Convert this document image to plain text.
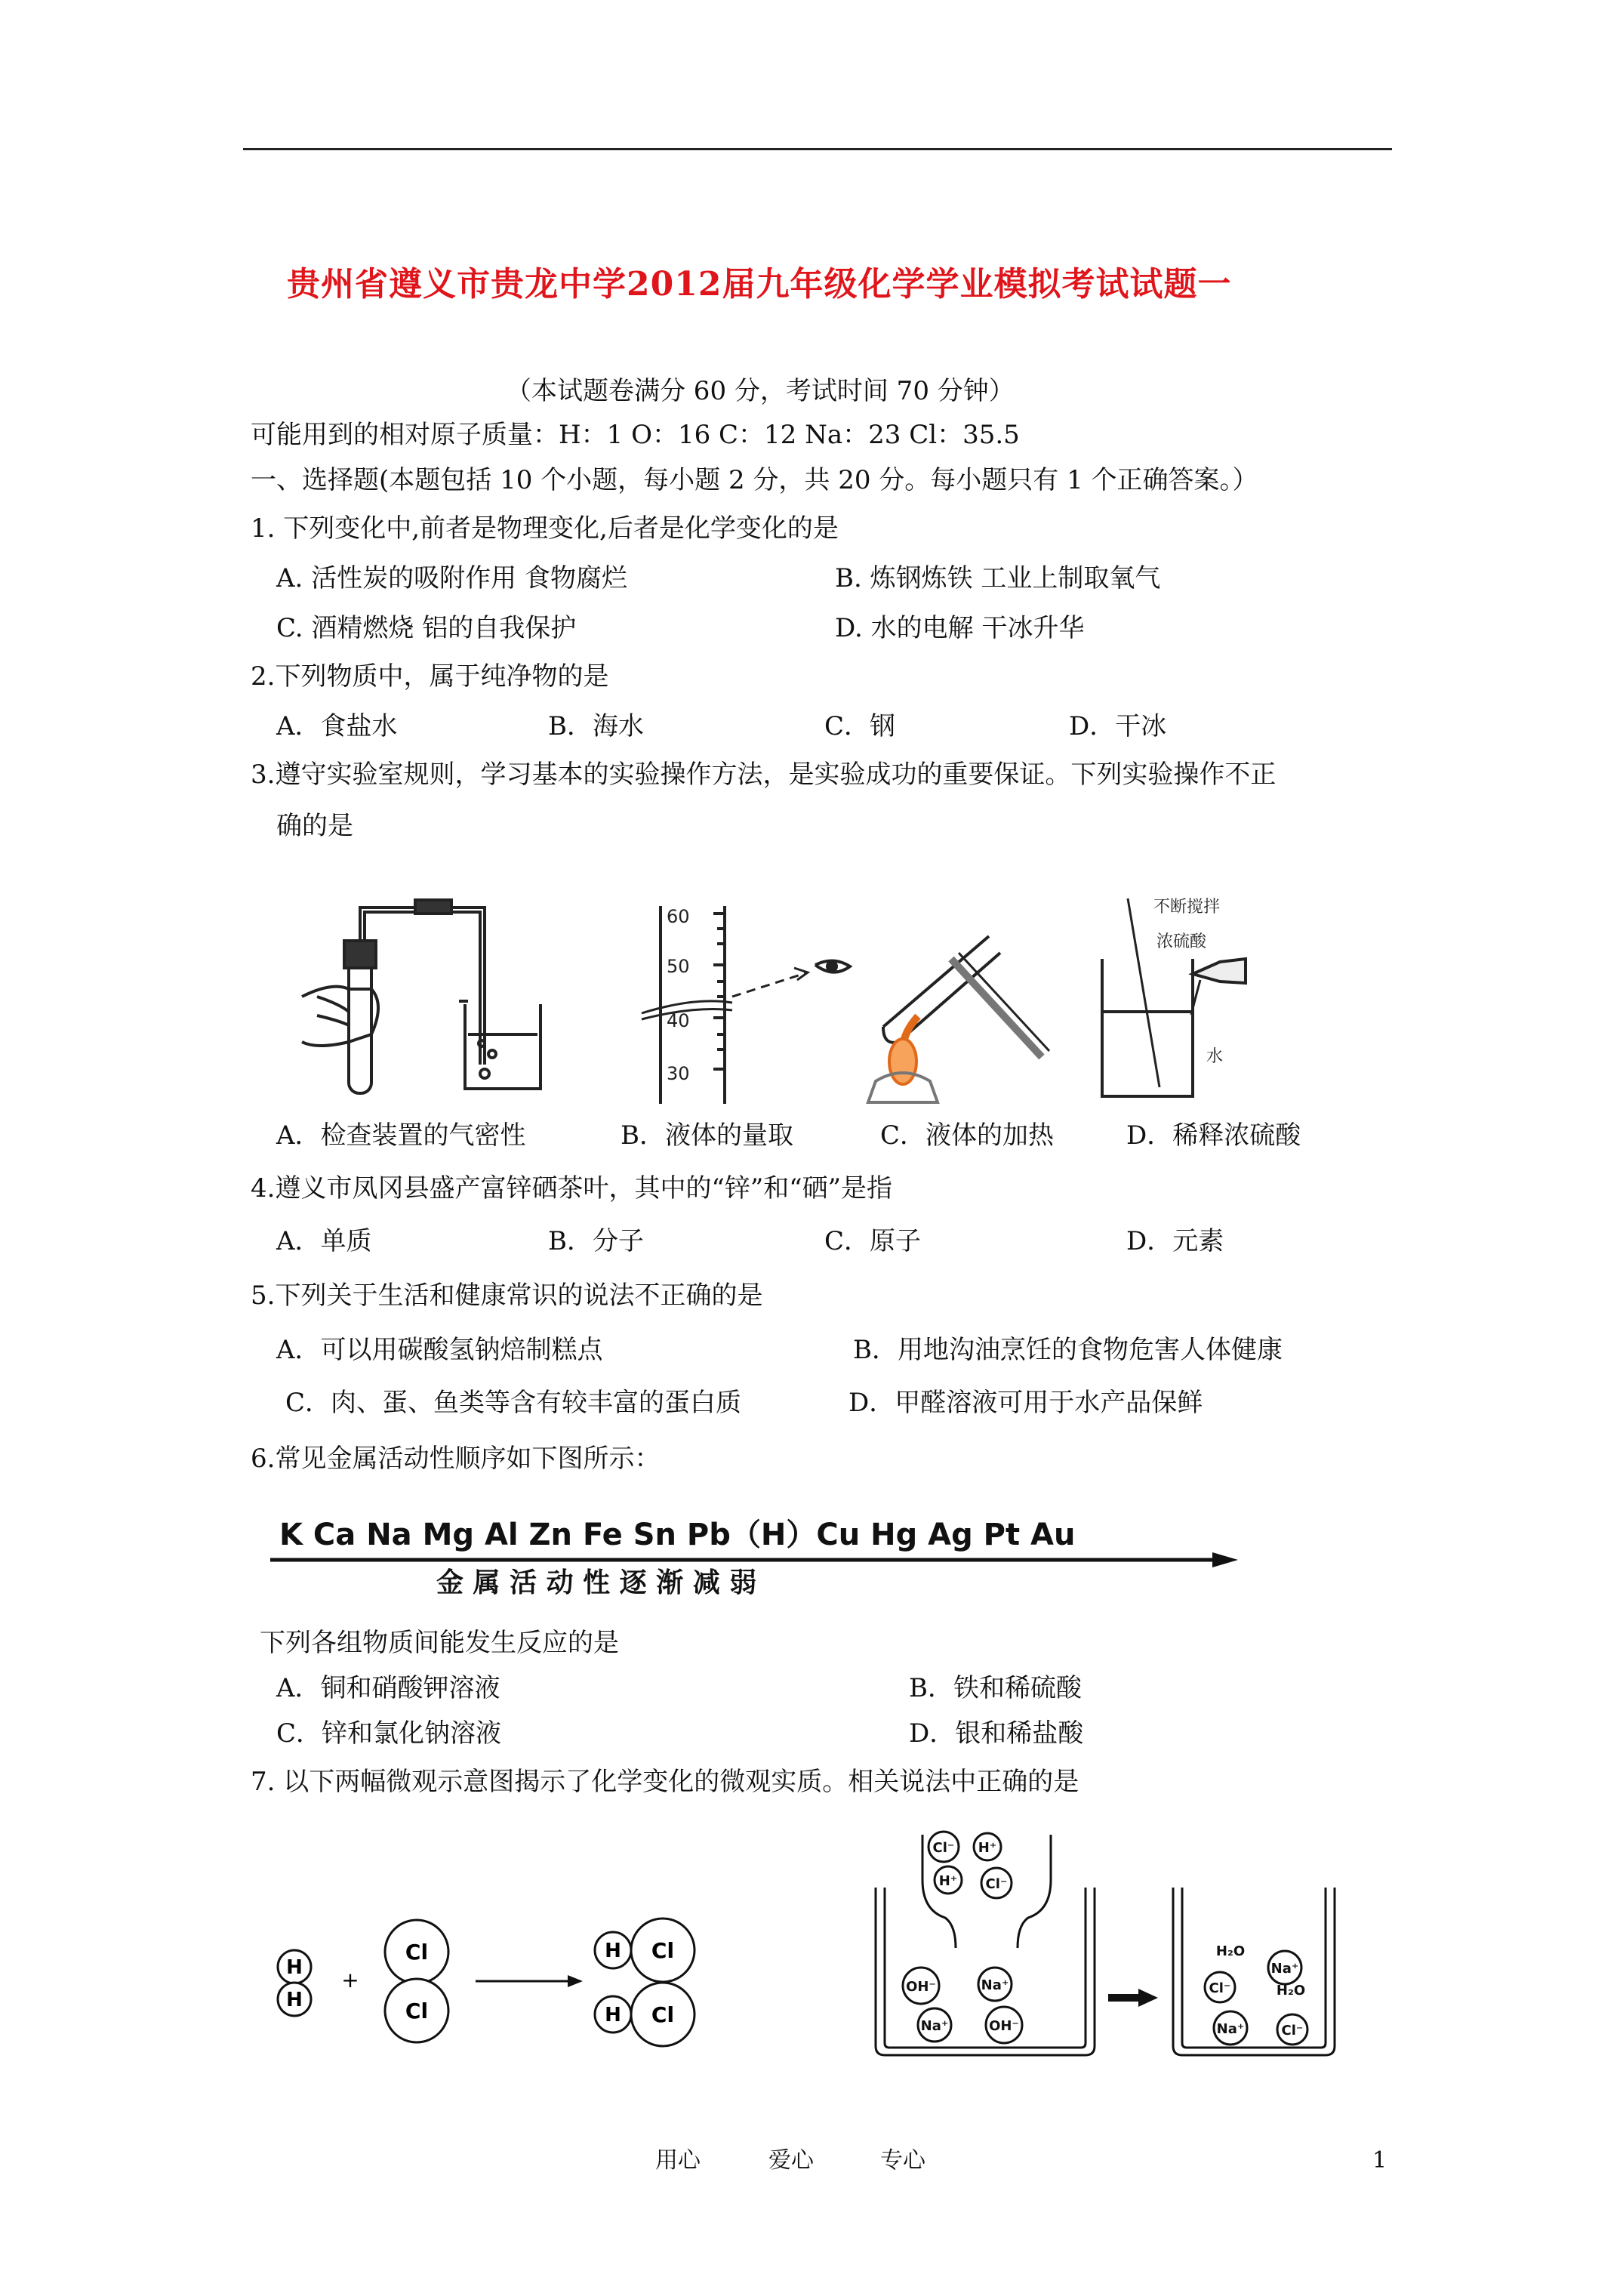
贵州省遵义市贵龙中学2012届九年级化学学业模拟考试试题一
（本试题卷满分 60 分，考试时间 70 分钟）
可能用到的相对原子质量：H：1 O：16 C：12 Na：23 Cl：35.5
一、选择题(本题包括 10 个小题，每小题 2 分，共 20 分。每小题只有 1 个正确答案。）
1. 下列变化中,前者是物理变化,后者是化学变化的是
A. 活性炭的吸附作用 食物腐烂	B. 炼钢炼铁 工业上制取氧气
C. 酒精燃烧 铝的自我保护	D. 水的电解 干冰升华
2.下列物质中，属于纯净物的是
A．食盐水	B．海水	C．钢	D．干冰
3.遵守实验室规则，学习基本的实验操作方法，是实验成功的重要保证。下列实验操作不正
确的是
60
50
40
30
不断搅拌
浓硫酸
水
A．检查装置的气密性	B．液体的量取	C．液体的加热	D．稀释浓硫酸
4.遵义市凤冈县盛产富锌硒茶叶，其中的“锌”和“硒”是指
A．单质	B．分子	C．原子	D．元素
5.下列关于生活和健康常识的说法不正确的是
A．可以用碳酸氢钠焙制糕点	B．用地沟油烹饪的食物危害人体健康
C．肉、蛋、鱼类等含有较丰富的蛋白质	D．甲醛溶液可用于水产品保鲜
6.常见金属活动性顺序如下图所示：
K Ca Na Mg Al Zn Fe Sn Pb（H）Cu Hg Ag Pt Au
金 属 活 动 性 逐 渐 减 弱
下列各组物质间能发生反应的是
A．铜和硝酸钾溶液	B．铁和稀硫酸
C．锌和氯化钠溶液	D．银和稀盐酸
7. 以下两幅微观示意图揭示了化学变化的微观实质。相关说法中正确的是
H
H
+
Cl
Cl
H Cl
H Cl
Cl⁻ H⁺
H⁺ Cl⁻
OH⁻	Na⁺
Na⁺	OH⁻
H₂O
Cl⁻
Na⁺
H₂O
Na⁺	Cl⁻
用心	爱心	专心	1
